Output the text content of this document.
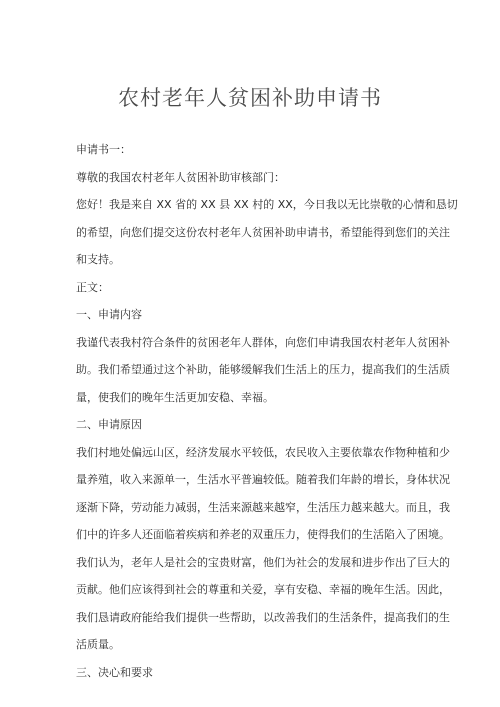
农村老年人贫困补助申请书

申请书一：

尊敬的我国农村老年人贫困补助审核部门：

您好！我是来自 XX 省的 XX 县 XX 村的 XX，今日我以无比崇敬的心情和恳切

的希望，向您们提交这份农村老年人贫困补助申请书，希望能得到您们的关注

和支持。

正文：

一、申请内容

我谨代表我村符合条件的贫困老年人群体，向您们申请我国农村老年人贫困补

助。我们希望通过这个补助，能够缓解我们生活上的压力，提高我们的生活质

量，使我们的晚年生活更加安稳、幸福。

二、申请原因

我们村地处偏远山区，经济发展水平较低，农民收入主要依靠农作物种植和少

量养殖，收入来源单一，生活水平普遍较低。随着我们年龄的增长，身体状况

逐渐下降，劳动能力减弱，生活来源越来越窄，生活压力越来越大。而且，我

们中的许多人还面临着疾病和养老的双重压力，使得我们的生活陷入了困境。

我们认为，老年人是社会的宝贵财富，他们为社会的发展和进步作出了巨大的

贡献。他们应该得到社会的尊重和关爱，享有安稳、幸福的晚年生活。因此，

我们恳请政府能给我们提供一些帮助，以改善我们的生活条件，提高我们的生

活质量。

三、决心和要求
